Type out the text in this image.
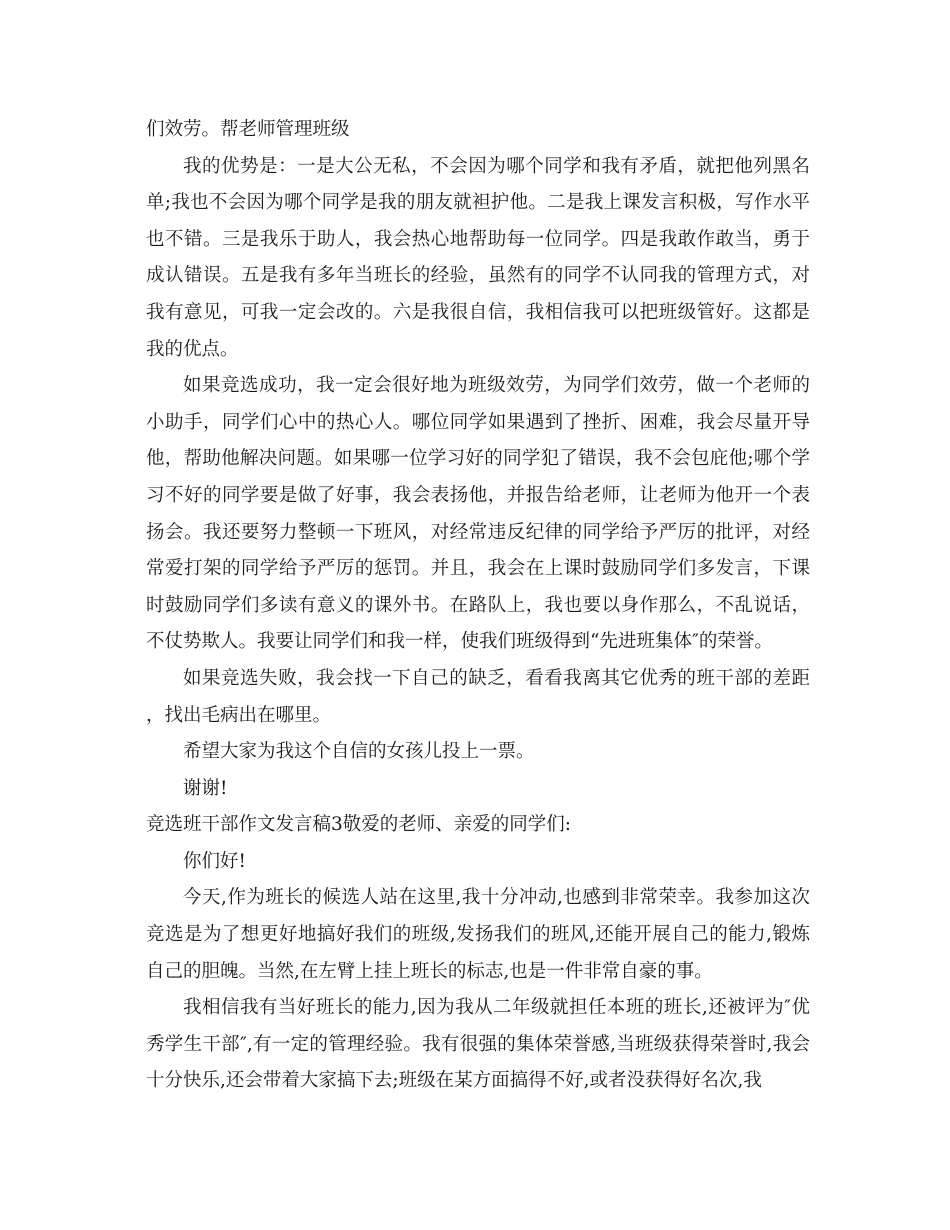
们效劳。帮老师管理班级

我的优势是：一是大公无私，不会因为哪个同学和我有矛盾，就把他列黑名单;我也不会因为哪个同学是我的朋友就袒护他。二是我上课发言积极，写作水平也不错。三是我乐于助人，我会热心地帮助每一位同学。四是我敢作敢当，勇于成认错误。五是我有多年当班长的经验，虽然有的同学不认同我的管理方式，对我有意见，可我一定会改的。六是我很自信，我相信我可以把班级管好。这都是我的优点。

如果竞选成功，我一定会很好地为班级效劳，为同学们效劳，做一个老师的小助手，同学们心中的热心人。哪位同学如果遇到了挫折、困难，我会尽量开导他，帮助他解决问题。如果哪一位学习好的同学犯了错误，我不会包庇他;哪个学习不好的同学要是做了好事，我会表扬他，并报告给老师，让老师为他开一个表扬会。我还要努力整顿一下班风，对经常违反纪律的同学给予严厉的批评，对经常爱打架的同学给予严厉的惩罚。并且，我会在上课时鼓励同学们多发言，下课时鼓励同学们多读有意义的课外书。在路队上，我也要以身作那么，不乱说话，不仗势欺人。我要让同学们和我一样，使我们班级得到“先进班集体″的荣誉。

如果竞选失败，我会找一下自己的缺乏，看看我离其它优秀的班干部的差距，找出毛病出在哪里。

希望大家为我这个自信的女孩儿投上一票。

谢谢!

竞选班干部作文发言稿3敬爱的老师、亲爱的同学们:

你们好!

今天,作为班长的候选人站在这里,我十分冲动,也感到非常荣幸。我参加这次竞选是为了想更好地搞好我们的班级,发扬我们的班风,还能开展自己的能力,锻炼自己的胆魄。当然,在左臂上挂上班长的标志,也是一件非常自豪的事。

我相信我有当好班长的能力,因为我从二年级就担任本班的班长,还被评为″优秀学生干部″,有一定的管理经验。我有很强的集体荣誉感,当班级获得荣誉时,我会十分快乐,还会带着大家搞下去;班级在某方面搞得不好,或者没获得好名次,我
